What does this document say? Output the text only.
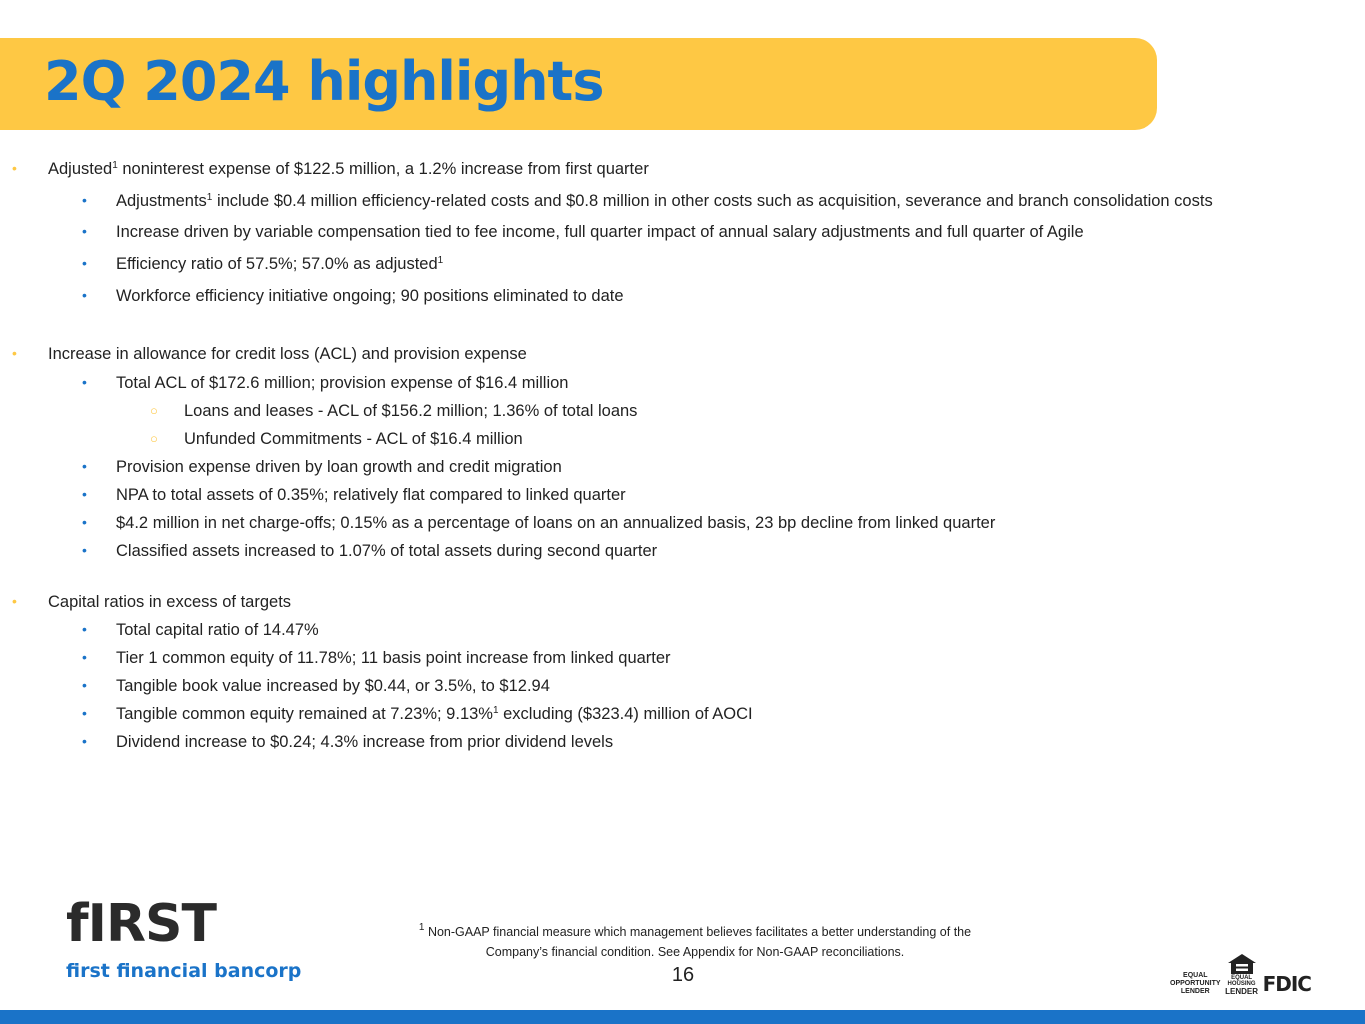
2Q 2024 highlights
• Adjusted$^1$ noninterest expense of $122.5 million, a 1.2% increase from first quarter
• Adjustments$^1$ include $0.4 million efficiency-related costs and $0.8 million in other costs such as acquisition, severance and branch consolidation costs
• Increase driven by variable compensation tied to fee income, full quarter impact of annual salary adjustments and full quarter of Agile
• Efficiency ratio of 57.5%; 57.0% as adjusted$^1$
• Workforce efficiency initiative ongoing; 90 positions eliminated to date
• Increase in allowance for credit loss (ACL) and provision expense
• Total ACL of $172.6 million; provision expense of $16.4 million
○ Loans and leases - ACL of $156.2 million; 1.36% of total loans
○ Unfunded Commitments - ACL of $16.4 million
• Provision expense driven by loan growth and credit migration
• NPA to total assets of 0.35%; relatively flat compared to linked quarter
• $4.2 million in net charge-offs; 0.15% as a percentage of loans on an annualized basis, 23 bp decline from linked quarter
• Classified assets increased to 1.07% of total assets during second quarter
• Capital ratios in excess of targets
• Total capital ratio of 14.47%
• Tier 1 common equity of 11.78%; 11 basis point increase from linked quarter
• Tangible book value increased by $0.44, or 3.5%, to $12.94
• Tangible common equity remained at 7.23%; 9.13%$^1$ excluding ($323.4) million of AOCI
• Dividend increase to $0.24; 4.3% increase from prior dividend levels
fIRST
first financial bancorp
$^1$ Non-GAAP financial measure which management believes facilitates a better understanding of the
Company’s financial condition. See Appendix for Non-GAAP reconciliations.
16	EQUAL
OPPORTUNITY
LENDER
EQUAL HOUSING
LENDER FDIC
